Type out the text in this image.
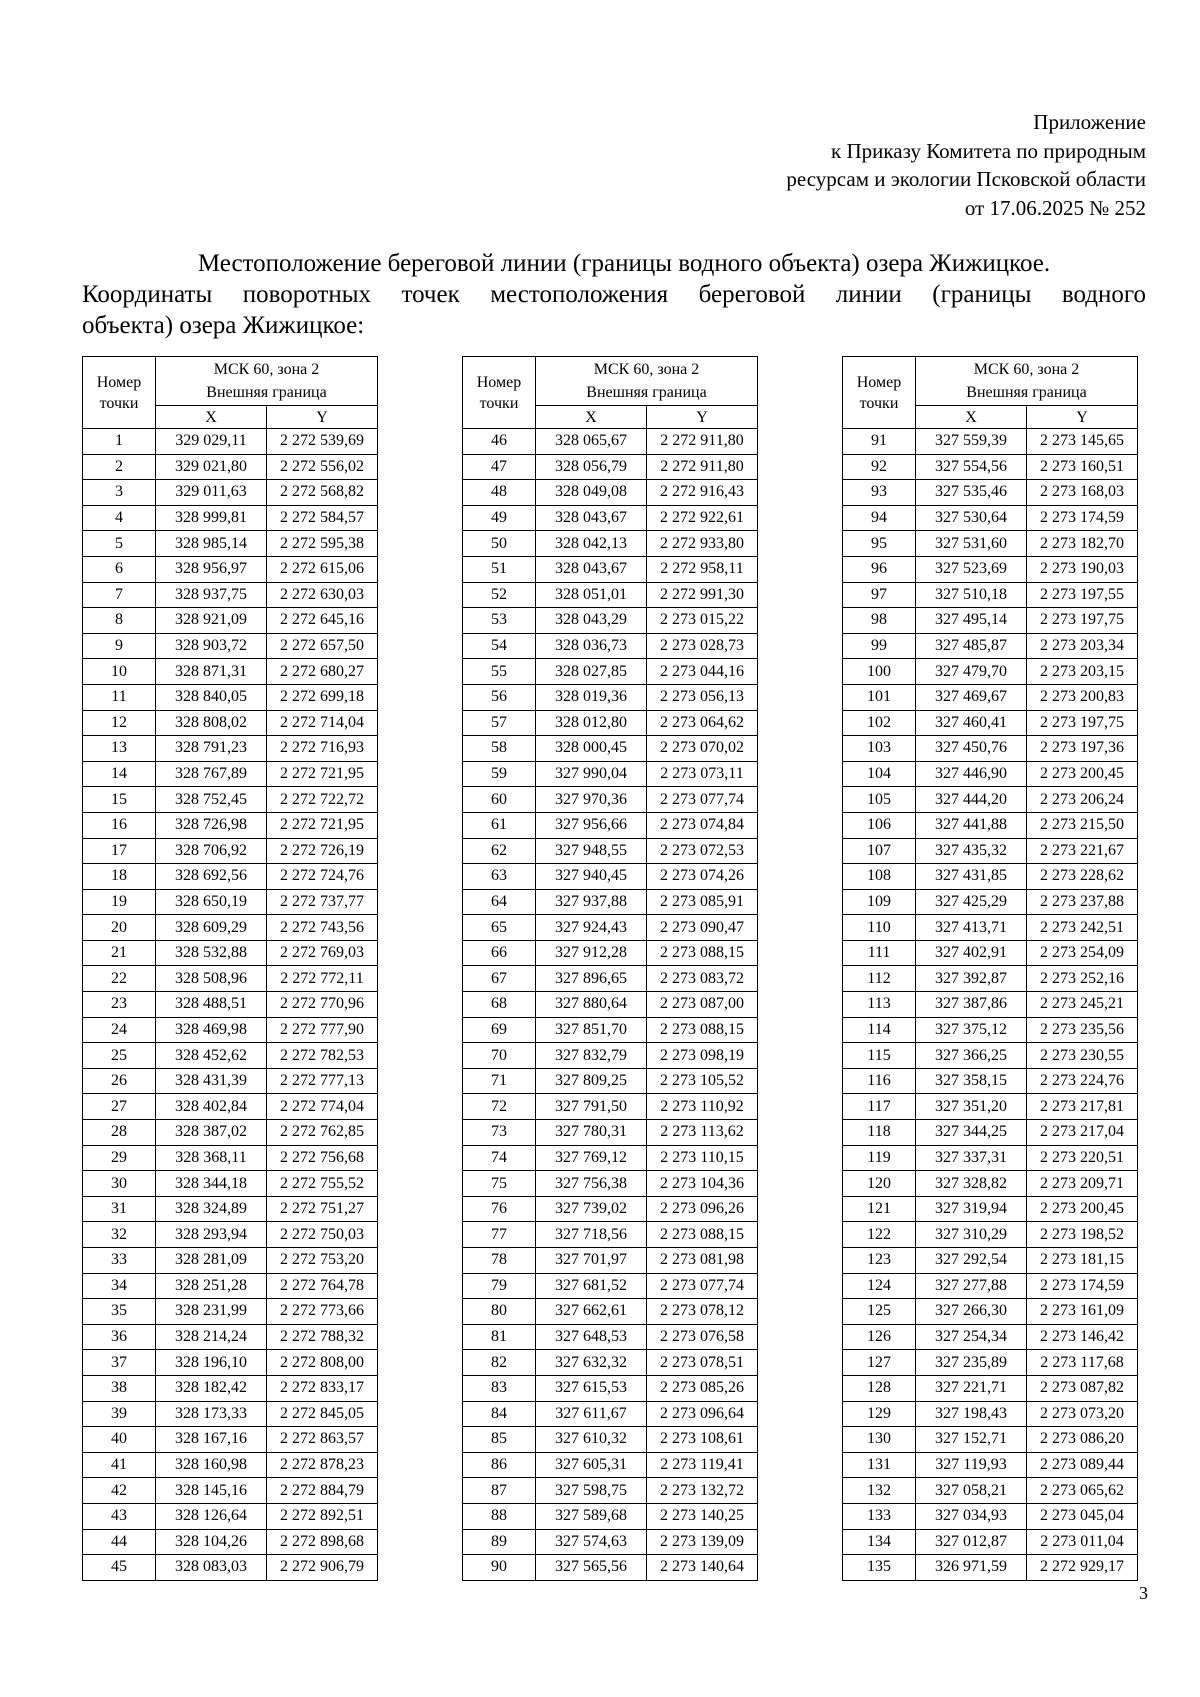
Приложение
к Приказу Комитета по природным
ресурсам и экологии Псковской области
от 17.06.2025 № 252
Местоположение береговой линии (границы водного объекта) озера Жижицкое.
Координаты поворотных точек местоположения береговой линии (границы водного
объекта) озера Жижицкое:
Номер точки	МСК 60, зона 2
Внешняя граница	

	X	Y
1	329 029,11	2 272 539,69
2	329 021,80	2 272 556,02
3	329 011,63	2 272 568,82
4	328 999,81	2 272 584,57
5	328 985,14	2 272 595,38
6	328 956,97	2 272 615,06
7	328 937,75	2 272 630,03
8	328 921,09	2 272 645,16
9	328 903,72	2 272 657,50
10	328 871,31	2 272 680,27
11	328 840,05	2 272 699,18
12	328 808,02	2 272 714,04
13	328 791,23	2 272 716,93
14	328 767,89	2 272 721,95
15	328 752,45	2 272 722,72
16	328 726,98	2 272 721,95
17	328 706,92	2 272 726,19
18	328 692,56	2 272 724,76
19	328 650,19	2 272 737,77
20	328 609,29	2 272 743,56
21	328 532,88	2 272 769,03
22	328 508,96	2 272 772,11
23	328 488,51	2 272 770,96
24	328 469,98	2 272 777,90
25	328 452,62	2 272 782,53
26	328 431,39	2 272 777,13
27	328 402,84	2 272 774,04
28	328 387,02	2 272 762,85
29	328 368,11	2 272 756,68
30	328 344,18	2 272 755,52
31	328 324,89	2 272 751,27
32	328 293,94	2 272 750,03
33	328 281,09	2 272 753,20
34	328 251,28	2 272 764,78
35	328 231,99	2 272 773,66
36	328 214,24	2 272 788,32
37	328 196,10	2 272 808,00
38	328 182,42	2 272 833,17
39	328 173,33	2 272 845,05
40	328 167,16	2 272 863,57
41	328 160,98	2 272 878,23
42	328 145,16	2 272 884,79
43	328 126,64	2 272 892,51
44	328 104,26	2 272 898,68
45	328 083,03	2 272 906,79
Номер точки	МСК 60, зона 2
Внешняя граница	

	X	Y
46	328 065,67	2 272 911,80
47	328 056,79	2 272 911,80
48	328 049,08	2 272 916,43
49	328 043,67	2 272 922,61
50	328 042,13	2 272 933,80
51	328 043,67	2 272 958,11
52	328 051,01	2 272 991,30
53	328 043,29	2 273 015,22
54	328 036,73	2 273 028,73
55	328 027,85	2 273 044,16
56	328 019,36	2 273 056,13
57	328 012,80	2 273 064,62
58	328 000,45	2 273 070,02
59	327 990,04	2 273 073,11
60	327 970,36	2 273 077,74
61	327 956,66	2 273 074,84
62	327 948,55	2 273 072,53
63	327 940,45	2 273 074,26
64	327 937,88	2 273 085,91
65	327 924,43	2 273 090,47
66	327 912,28	2 273 088,15
67	327 896,65	2 273 083,72
68	327 880,64	2 273 087,00
69	327 851,70	2 273 088,15
70	327 832,79	2 273 098,19
71	327 809,25	2 273 105,52
72	327 791,50	2 273 110,92
73	327 780,31	2 273 113,62
74	327 769,12	2 273 110,15
75	327 756,38	2 273 104,36
76	327 739,02	2 273 096,26
77	327 718,56	2 273 088,15
78	327 701,97	2 273 081,98
79	327 681,52	2 273 077,74
80	327 662,61	2 273 078,12
81	327 648,53	2 273 076,58
82	327 632,32	2 273 078,51
83	327 615,53	2 273 085,26
84	327 611,67	2 273 096,64
85	327 610,32	2 273 108,61
86	327 605,31	2 273 119,41
87	327 598,75	2 273 132,72
88	327 589,68	2 273 140,25
89	327 574,63	2 273 139,09
90	327 565,56	2 273 140,64
Номер точки	МСК 60, зона 2
Внешняя граница	

	X	Y
91	327 559,39	2 273 145,65
92	327 554,56	2 273 160,51
93	327 535,46	2 273 168,03
94	327 530,64	2 273 174,59
95	327 531,60	2 273 182,70
96	327 523,69	2 273 190,03
97	327 510,18	2 273 197,55
98	327 495,14	2 273 197,75
99	327 485,87	2 273 203,34
100	327 479,70	2 273 203,15
101	327 469,67	2 273 200,83
102	327 460,41	2 273 197,75
103	327 450,76	2 273 197,36
104	327 446,90	2 273 200,45
105	327 444,20	2 273 206,24
106	327 441,88	2 273 215,50
107	327 435,32	2 273 221,67
108	327 431,85	2 273 228,62
109	327 425,29	2 273 237,88
110	327 413,71	2 273 242,51
111	327 402,91	2 273 254,09
112	327 392,87	2 273 252,16
113	327 387,86	2 273 245,21
114	327 375,12	2 273 235,56
115	327 366,25	2 273 230,55
116	327 358,15	2 273 224,76
117	327 351,20	2 273 217,81
118	327 344,25	2 273 217,04
119	327 337,31	2 273 220,51
120	327 328,82	2 273 209,71
121	327 319,94	2 273 200,45
122	327 310,29	2 273 198,52
123	327 292,54	2 273 181,15
124	327 277,88	2 273 174,59
125	327 266,30	2 273 161,09
126	327 254,34	2 273 146,42
127	327 235,89	2 273 117,68
128	327 221,71	2 273 087,82
129	327 198,43	2 273 073,20
130	327 152,71	2 273 086,20
131	327 119,93	2 273 089,44
132	327 058,21	2 273 065,62
133	327 034,93	2 273 045,04
134	327 012,87	2 273 011,04
135	326 971,59	2 272 929,17
3
